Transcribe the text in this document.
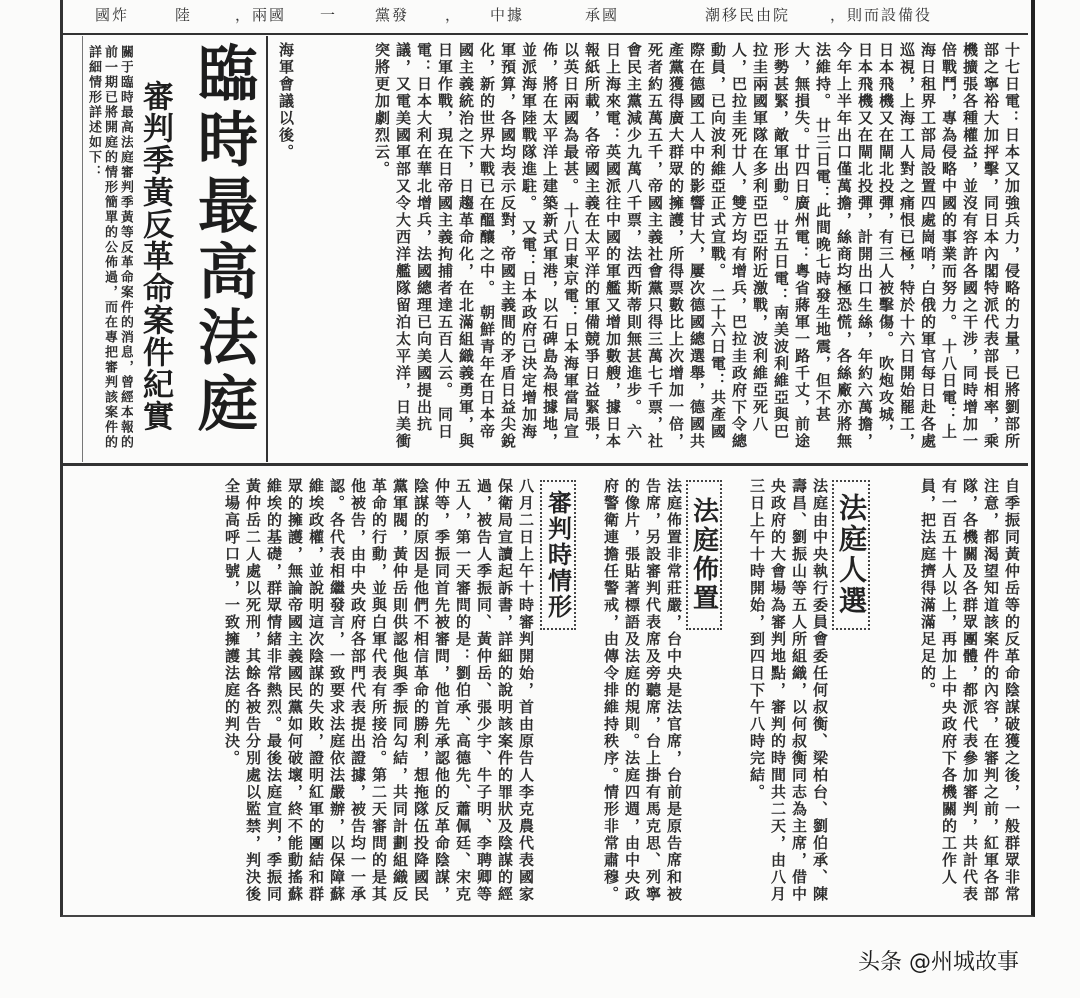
國炸	陸	，兩國 一	黨發 ， 中據	承國	潮移民由院	，則而設備役
臨時最高法庭
審判季黃反革命案件紀實
關于臨時最高法庭審判季黃等反革命案件的消息，曾經本報的前一期已將開庭的情形簡單的公佈過，而在專把審判該案件的詳細情形詳述如下：	海軍會議以後。	十七日電：日本又加強兵力，侵略的力量，已將劉部所部之寧裕大加抨擊，同日本內閣特派代表部長相率，乘機擴張各種權益，並沒有容許各國之干涉，同時增加一倍戰鬥，專為侵略中國的事業而努力。 十八日電：上海日租界工部局設置四處崗哨，白俄的軍官每日赴各處巡視，上海工人對之痛恨已極，特於十六日開始罷工，日本飛機又在閘北投彈，有三人被擊傷。 吹炮攻城，日本飛機又在閘北投彈，計開出口生絲，年約六萬擔，今年上半年出口僅萬擔，絲商均極恐慌，各絲廠亦將無法維持。 廿三日電：此間晚七時發生地震，但不甚大，無損失。廿四日廣州電：粵省蔣軍一路千丈，前途形勢甚緊，敵軍出動。 廿五日電：南美波利維亞與巴拉圭兩國軍隊在多利亞巴亞附近激戰，波利維亞死八人，巴拉圭死廿人，雙方均有增兵，巴拉圭政府下令總動員，已向波利維亞正式宣戰。 二十六日電：共產國際在德國工人中的影響甘大，屢次德國總選舉，德國共產黨獲得廣大群眾的擁護，所得票數比上次增加一倍，死者約五萬五千，帝國主義社會黨只得三萬七千票，社會民主黨減少九萬八千票，法西斯蒂則無甚進步。 六日上海來電：英國派往中國的軍艦又增加數艘，據日本報紙所載，各帝國主義在太平洋的軍備競爭日益緊張，以英日兩國為最甚。 十八日東京電：日本海軍當局宣佈，將在太平洋上建築新式軍港，以石碑島為根據地，並派海軍陸戰隊進駐。 又電：日本政府已決定增加海軍預算，各國均表示反對，帝國主義間的矛盾日益尖銳化，新的世界大戰已在醞釀之中。 朝鮮青年在日本帝國主義統治之下，日趨革命化，在北滿組織義勇軍，與日軍作戰，現在日帝國主義拘捕者達五百人云。 同日電：日本大利在華北增兵，法國總理已向美國提出抗議，又電美國軍部又令大西洋艦隊留泊太平洋，日美衝突將更加劇烈云。
自季振同黃仲岳等的反革命陰謀破獲之後，一般群眾非常注意，都渴望知道該案件的內容，在審判之前，紅軍各部隊，各機關及各群眾團體，都派代表參加審判，共計代表有一百五十人以上，再加上中央政府下各機關的工作人員，把法庭擠得滿滿足足的。
法庭人選
法庭由中央執行委員會委任何叔衡、梁柏台、劉伯承、陳壽昌、劉振山等五人所組織，以何叔衡同志為主席，借中央政府的大會場為審判地點，審判的時間共二天，由八月三日上午十時開始，到四日下午八時完結。
法庭佈置
法庭佈置非常莊嚴，台中央是法官席，台前是原告席和被告席，另設審判代表席及旁聽席，台上掛有馬克思、列寧的像片，張貼著標語及法庭的規則。法庭四週，由中央政府警衛連擔任警戒，由傳令排維持秩序。情形非常肅穆。
審判時情形
八月二日上午十時審判開始，首由原告人李克農代表國家保衛局宣讀起訴書，詳細的說明該案件的罪狀及陰謀的經過，被告人季振同、黃仲岳、張少宇、牛子明、李聘卿等五人，第一天審問的是：劉伯承、高德先、蕭佩廷、宋克仲等，季振同首先被審問，他首先承認他的反革命陰謀，陰謀的原因是他們不相信革命的勝利，想拖隊伍投降國民黨軍閥，黃仲岳則供認他與季振同勾結，共同計劃組織反革命的行動，並與白軍代表有所接洽。第二天審問的是其他被告，由中央政府各部門代表提出證據，被告均一一承認。各代表相繼發言，一致要求法庭依法嚴辦，以保障蘇維埃政權，並說明這次陰謀的失敗，證明紅軍的團結和群眾的擁護，無論帝國主義國民黨如何破壞，終不能動搖蘇維埃的基礎，群眾情緒非常熱烈。最後法庭宣判，季振同黃仲岳二人處以死刑，其餘各被告分別處以監禁，判決後全場高呼口號，一致擁護法庭的判決。
头条 @州城故事
